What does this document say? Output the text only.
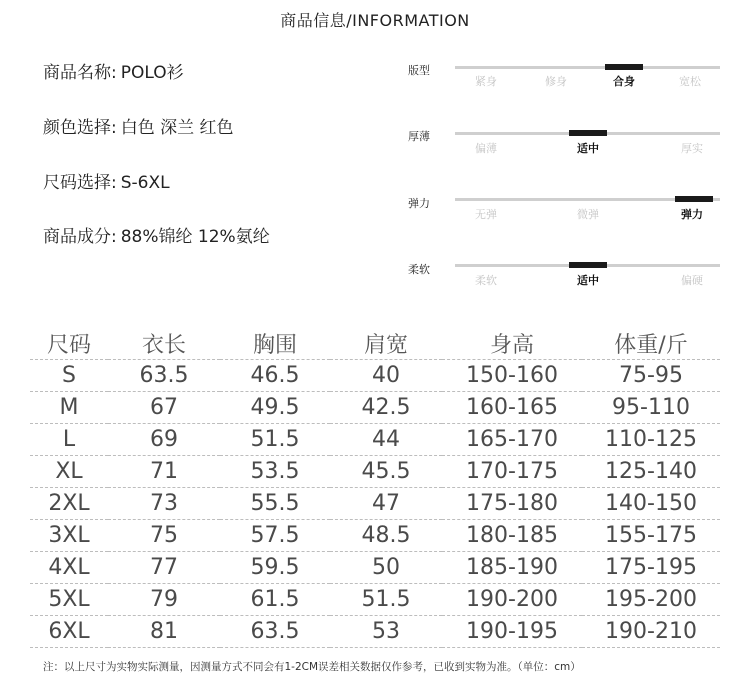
商品信息/INFORMATION
商品名称: POLO衫
颜色选择: 白色 深兰 红色
尺码选择: S-6XL
商品成分: 88%锦纶 12%氨纶
版型
紧身	修身	合身	宽松
厚薄
偏薄	适中	厚实
弹力
无弹	微弹	弹力
柔软
柔软	适中	偏硬
尺码	衣长	胸围	肩宽	身高	体重/斤
S	63.5	46.5	40	150-160	75-95
M	67	49.5	42.5	160-165	95-110
L	69	51.5	44	165-170	110-125
XL	71	53.5	45.5	170-175	125-140
2XL	73	55.5	47	175-180	140-150
3XL	75	57.5	48.5	180-185	155-175
4XL	77	59.5	50	185-190	175-195
5XL	79	61.5	51.5	190-200	195-200
6XL	81	63.5	53	190-195	190-210
注：以上尺寸为实物实际测量，因测量方式不同会有1-2CM误差相关数据仅作参考，已收到实物为准。（单位：cm）
